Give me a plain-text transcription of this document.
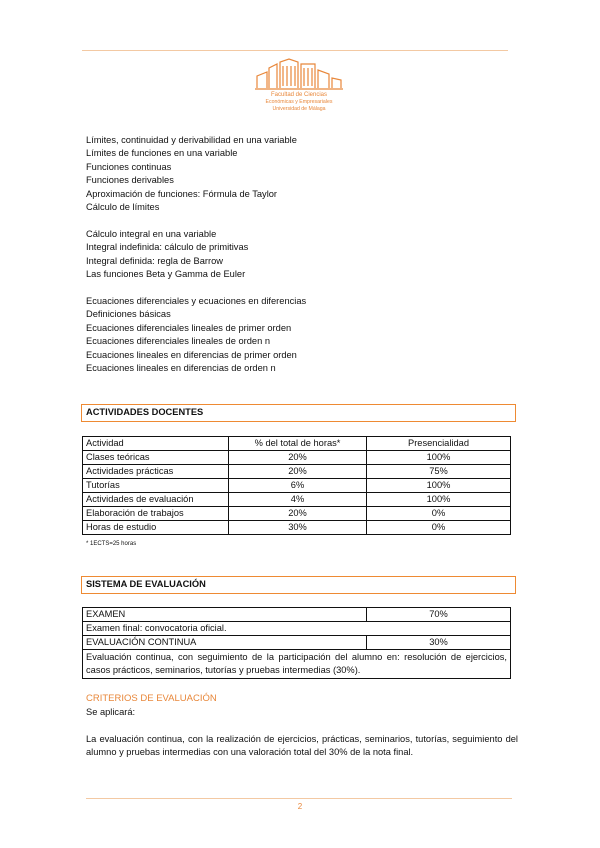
Facultad de Ciencias
Económicas y Empresariales
Universidad de Málaga
Límites, continuidad y derivabilidad en una variable
Límites de funciones en una variable
Funciones continuas
Funciones derivables
Aproximación de funciones: Fórmula de Taylor
Cálculo de límites
Cálculo integral en una variable
Integral indefinida: cálculo de primitivas
Integral definida: regla de Barrow
Las funciones Beta y Gamma de Euler
Ecuaciones diferenciales y ecuaciones en diferencias
Definiciones básicas
Ecuaciones diferenciales lineales de primer orden
Ecuaciones diferenciales lineales de orden n
Ecuaciones lineales en diferencias de primer orden
Ecuaciones lineales en diferencias de orden n
ACTIVIDADES DOCENTES
Actividad	% del total de horas*	Presencialidad
Clases teóricas	20%	100%
Actividades prácticas	20%	75%
Tutorías	6%	100%
Actividades de evaluación	4%	100%
Elaboración de trabajos	20%	0%
Horas de estudio	30%	0%
* 1ECTS=25 horas
SISTEMA DE EVALUACIÓN
EXAMEN	70%
Examen final: convocatoria oficial.	
EVALUACIÓN CONTINUA	30%
Evaluación continua, con seguimiento de la participación del alumno en: resolución de ejercicios, casos prácticos, seminarios, tutorías y pruebas intermedias (30%).	
CRITERIOS DE EVALUACIÓN
Se aplicará:
La evaluación continua, con la realización de ejercicios, prácticas, seminarios, tutorías, seguimiento del alumno y pruebas intermedias con una valoración total del 30% de la nota final.
2
